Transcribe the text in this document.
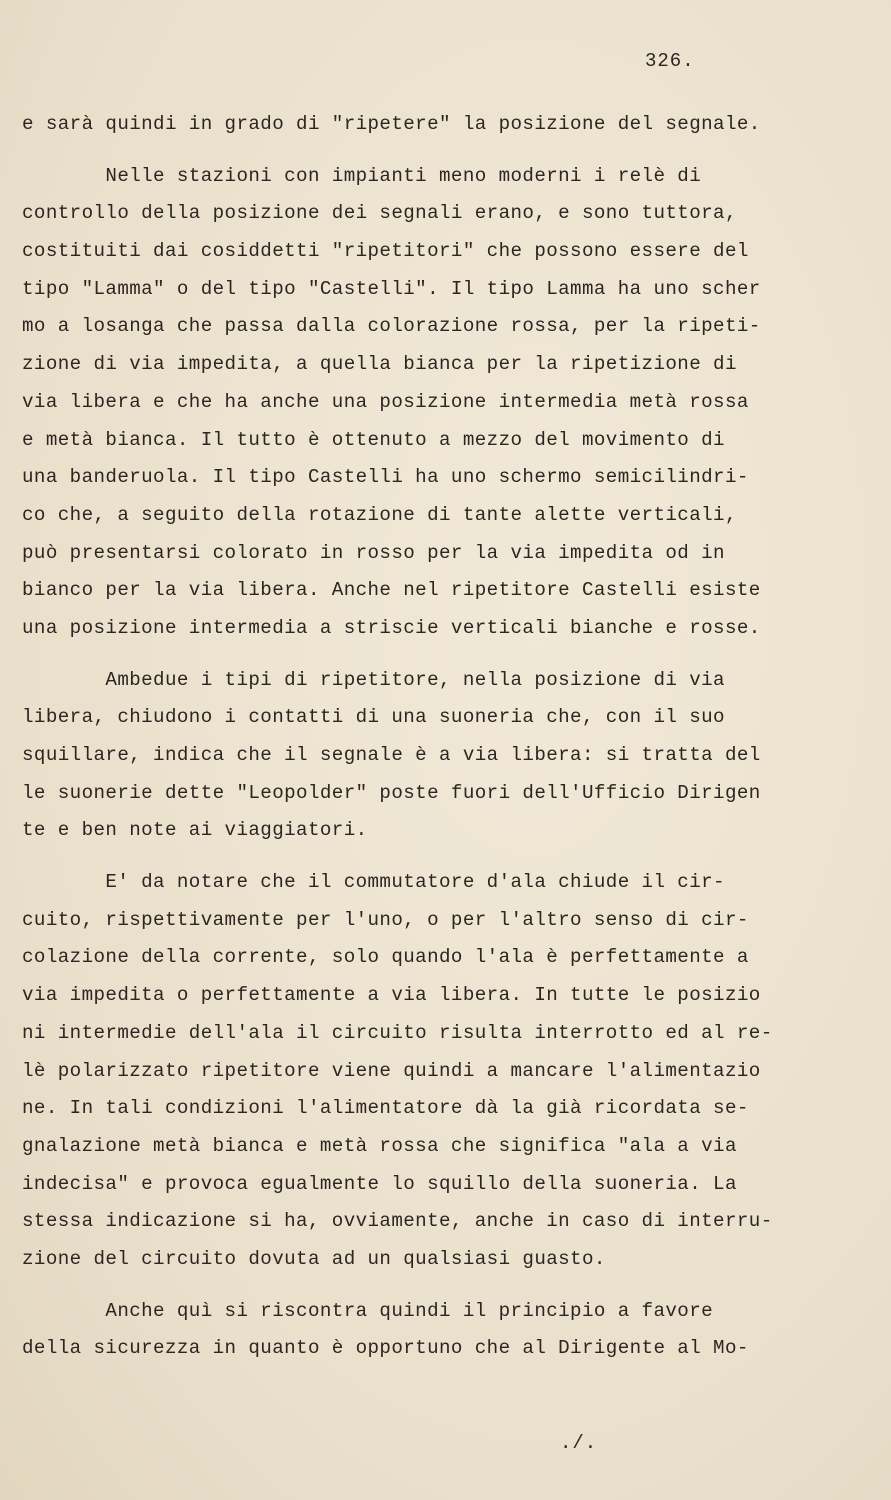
326.
e sarà quindi in grado di "ripetere" la posizione del segnale.
Nelle stazioni con impianti meno moderni i relè di
controllo della posizione dei segnali erano, e sono tuttora,
costituiti dai cosiddetti "ripetitori" che possono essere del
tipo "Lamma" o del tipo "Castelli". Il tipo Lamma ha uno scher
mo a losanga che passa dalla colorazione rossa, per la ripeti-
zione di via impedita, a quella bianca per la ripetizione di
via libera e che ha anche una posizione intermedia metà rossa
e metà bianca. Il tutto è ottenuto a mezzo del movimento di
una banderuola. Il tipo Castelli ha uno schermo semicilindri-
co che, a seguito della rotazione di tante alette verticali,
può presentarsi colorato in rosso per la via impedita od in
bianco per la via libera. Anche nel ripetitore Castelli esiste
una posizione intermedia a striscie verticali bianche e rosse.
Ambedue i tipi di ripetitore, nella posizione di via
libera, chiudono i contatti di una suoneria che, con il suo
squillare, indica che il segnale è a via libera: si tratta del
le suonerie dette "Leopolder" poste fuori dell'Ufficio Dirigen
te e ben note ai viaggiatori.
E' da notare che il commutatore d'ala chiude il cir-
cuito, rispettivamente per l'uno, o per l'altro senso di cir-
colazione della corrente, solo quando l'ala è perfettamente a
via impedita o perfettamente a via libera. In tutte le posizio
ni intermedie dell'ala il circuito risulta interrotto ed al re-
lè polarizzato ripetitore viene quindi a mancare l'alimentazio
ne. In tali condizioni l'alimentatore dà la già ricordata se-
gnalazione metà bianca e metà rossa che significa "ala a via
indecisa" e provoca egualmente lo squillo della suoneria. La
stessa indicazione si ha, ovviamente, anche in caso di interru-
zione del circuito dovuta ad un qualsiasi guasto.
Anche quì si riscontra quindi il principio a favore
della sicurezza in quanto è opportuno che al Dirigente al Mo-
./.
